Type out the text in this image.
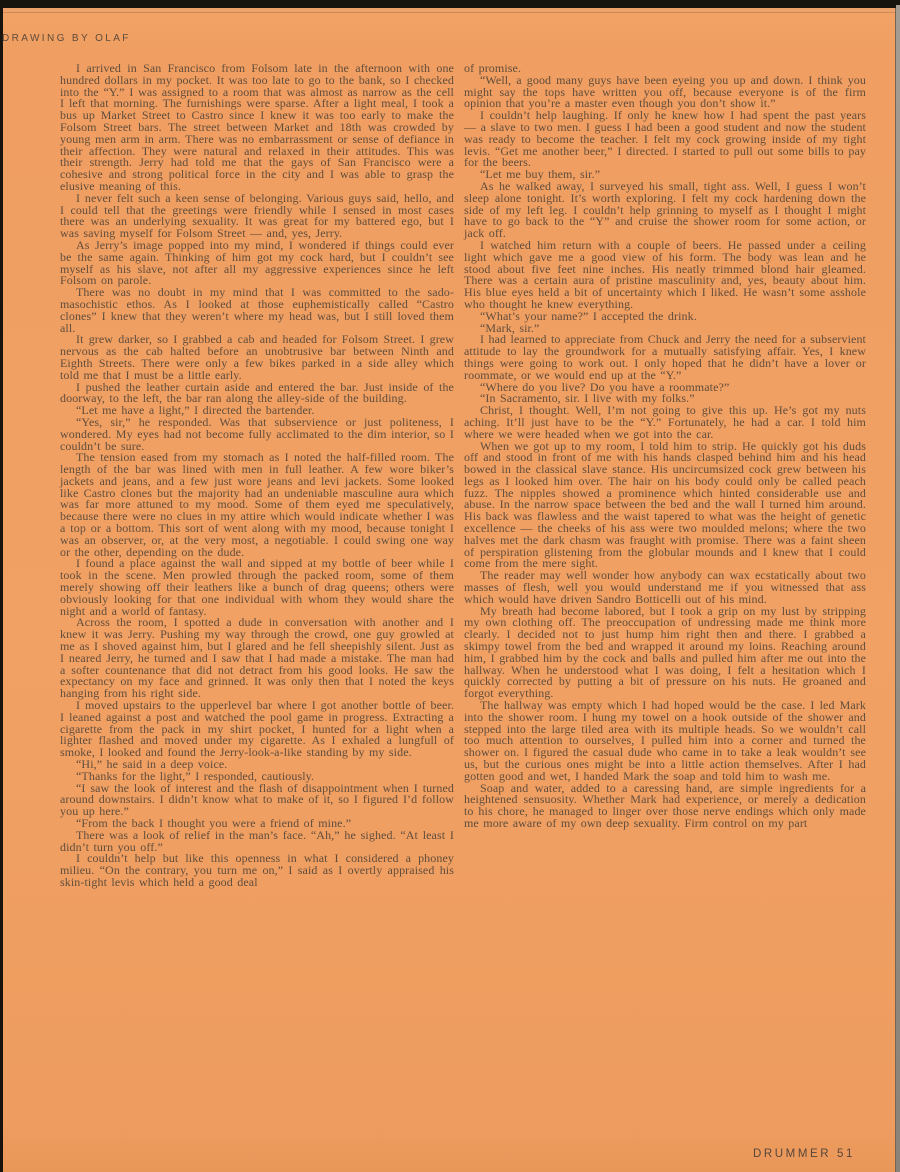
DRAWING BY OLAF

I arrived in San Francisco from Folsom late in the afternoon with one hundred dollars in my pocket. It was too late to go to the bank, so I checked into the “Y.” I was assigned to a room that was almost as narrow as the cell I left that morning. The furnishings were sparse. After a light meal, I took a bus up Market Street to Castro since I knew it was too early to make the Folsom Street bars. The street between Market and 18th was crowded by young men arm in arm. There was no embarrassment or sense of defiance in their affection. They were natural and relaxed in their attitudes. This was their strength. Jerry had told me that the gays of San Francisco were a cohesive and strong political force in the city and I was able to grasp the elusive meaning of this.

I never felt such a keen sense of belonging. Various guys said, hello, and I could tell that the greetings were friendly while I sensed in most cases there was an underlying sexuality. It was great for my battered ego, but I was saving myself for Folsom Street — and, yes, Jerry.

As Jerry’s image popped into my mind, I wondered if things could ever be the same again. Thinking of him got my cock hard, but I couldn’t see myself as his slave, not after all my aggressive experiences since he left Folsom on parole.

There was no doubt in my mind that I was committed to the sado-masochistic ethos. As I looked at those euphemistically called “Castro clones” I knew that they weren’t where my head was, but I still loved them all.

It grew darker, so I grabbed a cab and headed for Folsom Street. I grew nervous as the cab halted before an unobtrusive bar between Ninth and Eighth Streets. There were only a few bikes parked in a side alley which told me that I must be a little early.

I pushed the leather curtain aside and entered the bar. Just inside of the doorway, to the left, the bar ran along the alley-side of the building.

“Let me have a light,” I directed the bartender.

“Yes, sir,” he responded. Was that subservience or just politeness, I wondered. My eyes had not become fully acclimated to the dim interior, so I couldn’t be sure.

The tension eased from my stomach as I noted the half-filled room. The length of the bar was lined with men in full leather. A few wore biker’s jackets and jeans, and a few just wore jeans and levi jackets. Some looked like Castro clones but the majority had an undeniable masculine aura which was far more attuned to my mood. Some of them eyed me speculatively, because there were no clues in my attire which would indicate whether I was a top or a bottom. This sort of went along with my mood, because tonight I was an observer, or, at the very most, a negotiable. I could swing one way or the other, depending on the dude.

I found a place against the wall and sipped at my bottle of beer while I took in the scene. Men prowled through the packed room, some of them merely showing off their leathers like a bunch of drag queens; others were obviously looking for that one individual with whom they would share the night and a world of fantasy.

Across the room, I spotted a dude in conversation with another and I knew it was Jerry. Pushing my way through the crowd, one guy growled at me as I shoved against him, but I glared and he fell sheepishly silent. Just as I neared Jerry, he turned and I saw that I had made a mistake. The man had a softer countenance that did not detract from his good looks. He saw the expectancy on my face and grinned. It was only then that I noted the keys hanging from his right side.

I moved upstairs to the upperlevel bar where I got another bottle of beer. I leaned against a post and watched the pool game in progress. Extracting a cigarette from the pack in my shirt pocket, I hunted for a light when a lighter flashed and moved under my cigarette. As I exhaled a lungfull of smoke, I looked and found the Jerry-look-a-like standing by my side.

“Hi,” he said in a deep voice.

“Thanks for the light,” I responded, cautiously.

“I saw the look of interest and the flash of disappointment when I turned around downstairs. I didn’t know what to make of it, so I figured I’d follow you up here.”

“From the back I thought you were a friend of mine.”

There was a look of relief in the man’s face. “Ah,” he sighed. “At least I didn’t turn you off.”

I couldn’t help but like this openness in what I considered a phoney milieu. “On the contrary, you turn me on,” I said as I overtly appraised his skin-tight levis which held a good deal

of promise.

“Well, a good many guys have been eyeing you up and down. I think you might say the tops have written you off, because everyone is of the firm opinion that you’re a master even though you don’t show it.”

I couldn’t help laughing. If only he knew how I had spent the past years — a slave to two men. I guess I had been a good student and now the student was ready to become the teacher. I felt my cock growing inside of my tight levis. “Get me another beer,” I directed. I started to pull out some bills to pay for the beers.

“Let me buy them, sir.”

As he walked away, I surveyed his small, tight ass. Well, I guess I won’t sleep alone tonight. It’s worth exploring. I felt my cock hardening down the side of my left leg. I couldn’t help grinning to myself as I thought I might have to go back to the “Y” and cruise the shower room for some action, or jack off.

I watched him return with a couple of beers. He passed under a ceiling light which gave me a good view of his form. The body was lean and he stood about five feet nine inches. His neatly trimmed blond hair gleamed. There was a certain aura of pristine masculinity and, yes, beauty about him. His blue eyes held a bit of uncertainty which I liked. He wasn’t some asshole who thought he knew everything.

“What’s your name?” I accepted the drink.

“Mark, sir.”

I had learned to appreciate from Chuck and Jerry the need for a subservient attitude to lay the groundwork for a mutually satisfying affair. Yes, I knew things were going to work out. I only hoped that he didn’t have a lover or roommate, or we would end up at the “Y.”

“Where do you live? Do you have a roommate?”

“In Sacramento, sir. I live with my folks.”

Christ, I thought. Well, I’m not going to give this up. He’s got my nuts aching. It’ll just have to be the “Y.” Fortunately, he had a car. I told him where we were headed when we got into the car.

When we got up to my room, I told him to strip. He quickly got his duds off and stood in front of me with his hands clasped behind him and his head bowed in the classical slave stance. His uncircumsized cock grew between his legs as I looked him over. The hair on his body could only be called peach fuzz. The nipples showed a prominence which hinted considerable use and abuse. In the narrow space between the bed and the wall I turned him around. His back was flawless and the waist tapered to what was the height of genetic excellence — the cheeks of his ass were two moulded melons; where the two halves met the dark chasm was fraught with promise. There was a faint sheen of perspiration glistening from the globular mounds and I knew that I could come from the mere sight.

The reader may well wonder how anybody can wax ecstatically about two masses of flesh, well you would understand me if you witnessed that ass which would have driven Sandro Botticelli out of his mind.

My breath had become labored, but I took a grip on my lust by stripping my own clothing off. The preoccupation of undressing made me think more clearly. I decided not to just hump him right then and there. I grabbed a skimpy towel from the bed and wrapped it around my loins. Reaching around him, I grabbed him by the cock and balls and pulled him after me out into the hallway. When he understood what I was doing, I felt a hesitation which I quickly corrected by putting a bit of pressure on his nuts. He groaned and forgot everything.

The hallway was empty which I had hoped would be the case. I led Mark into the shower room. I hung my towel on a hook outside of the shower and stepped into the large tiled area with its multiple heads. So we wouldn’t call too much attention to ourselves, I pulled him into a corner and turned the shower on. I figured the casual dude who came in to take a leak wouldn’t see us, but the curious ones might be into a little action themselves. After I had gotten good and wet, I handed Mark the soap and told him to wash me.

Soap and water, added to a caressing hand, are simple ingredients for a heightened sensuosity. Whether Mark had experience, or merely a dedication to his chore, he managed to linger over those nerve endings which only made me more aware of my own deep sexuality. Firm control on my part

DRUMMER 51
